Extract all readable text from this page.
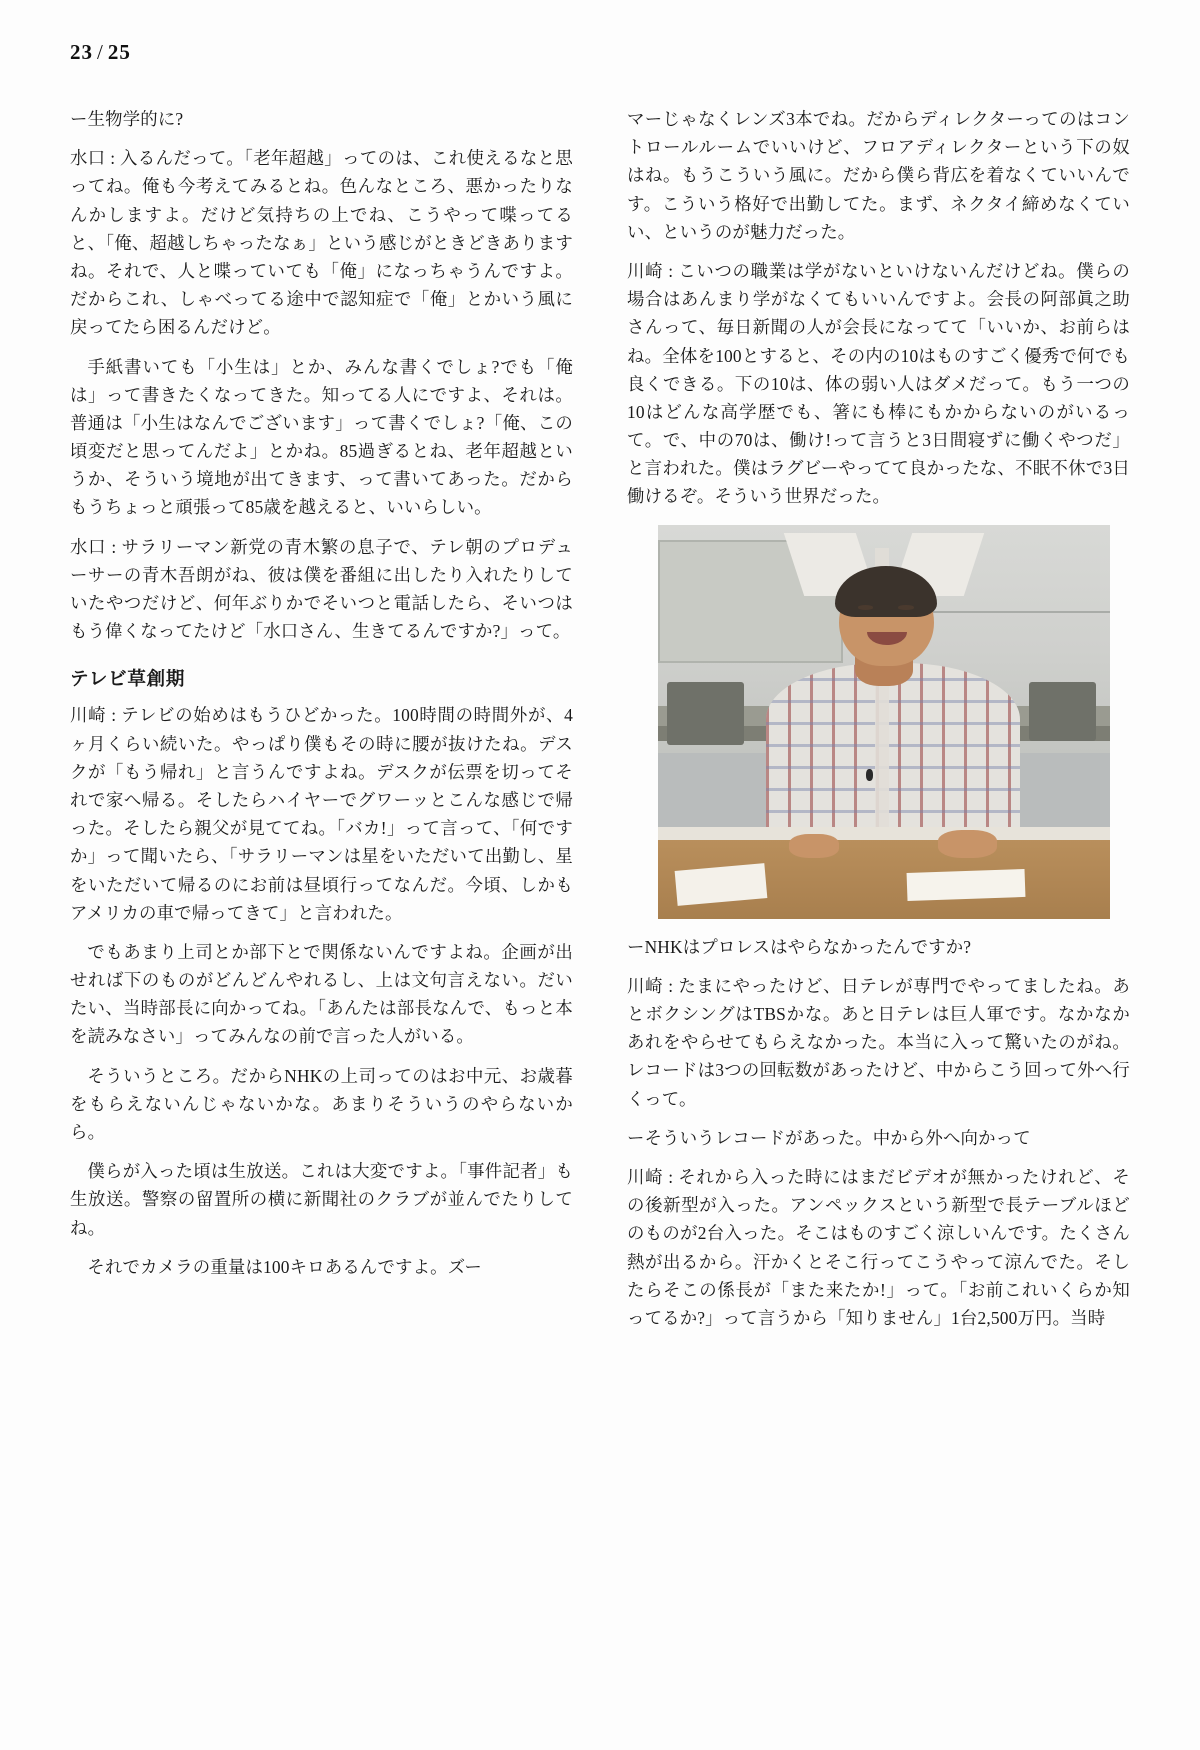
23 / 25

ー生物学的に?

水口 : 入るんだって。「老年超越」ってのは、これ使えるなと思ってね。俺も今考えてみるとね。色んなところ、悪かったりなんかしますよ。だけど気持ちの上でね、こうやって喋ってると、「俺、超越しちゃったなぁ」という感じがときどきありますね。それで、人と喋っていても「俺」になっちゃうんですよ。だからこれ、しゃべってる途中で認知症で「俺」とかいう風に戻ってたら困るんだけど。

手紙書いても「小生は」とか、みんな書くでしょ?でも「俺は」って書きたくなってきた。知ってる人にですよ、それは。普通は「小生はなんでございます」って書くでしょ?「俺、この頃変だと思ってんだよ」とかね。85過ぎるとね、老年超越というか、そういう境地が出てきます、って書いてあった。だからもうちょっと頑張って85歳を越えると、いいらしい。

水口 : サラリーマン新党の青木繁の息子で、テレ朝のプロデューサーの青木吾朗がね、彼は僕を番組に出したり入れたりしていたやつだけど、何年ぶりかでそいつと電話したら、そいつはもう偉くなってたけど「水口さん、生きてるんですか?」って。

テレビ草創期

川崎 : テレビの始めはもうひどかった。100時間の時間外が、4ヶ月くらい続いた。やっぱり僕もその時に腰が抜けたね。デスクが「もう帰れ」と言うんですよね。デスクが伝票を切ってそれで家へ帰る。そしたらハイヤーでグワーッとこんな感じで帰った。そしたら親父が見ててね。「バカ!」って言って、「何ですか」って聞いたら、「サラリーマンは星をいただいて出勤し、星をいただいて帰るのにお前は昼頃行ってなんだ。今頃、しかもアメリカの車で帰ってきて」と言われた。

でもあまり上司とか部下とで関係ないんですよね。企画が出せれば下のものがどんどんやれるし、上は文句言えない。だいたい、当時部長に向かってね。「あんたは部長なんで、もっと本を読みなさい」ってみんなの前で言った人がいる。

そういうところ。だからNHKの上司ってのはお中元、お歳暮をもらえないんじゃないかな。あまりそういうのやらないから。

僕らが入った頃は生放送。これは大変ですよ。「事件記者」も生放送。警察の留置所の横に新聞社のクラブが並んでたりしてね。

それでカメラの重量は100キロあるんですよ。ズー

マーじゃなくレンズ3本でね。だからディレクターってのはコントロールルームでいいけど、フロアディレクターという下の奴はね。もうこういう風に。だから僕ら背広を着なくていいんです。こういう格好で出勤してた。まず、ネクタイ締めなくていい、というのが魅力だった。

川崎 : こいつの職業は学がないといけないんだけどね。僕らの場合はあんまり学がなくてもいいんですよ。会長の阿部眞之助さんって、毎日新聞の人が会長になってて「いいか、お前らはね。全体を100とすると、その内の10はものすごく優秀で何でも良くできる。下の10は、体の弱い人はダメだって。もう一つの10はどんな高学歴でも、箸にも棒にもかからないのがいるって。で、中の70は、働け!って言うと3日間寝ずに働くやつだ」と言われた。僕はラグビーやってて良かったな、不眠不休で3日働けるぞ。そういう世界だった。

ーNHKはプロレスはやらなかったんですか?

川崎 : たまにやったけど、日テレが専門でやってましたね。あとボクシングはTBSかな。あと日テレは巨人軍です。なかなかあれをやらせてもらえなかった。本当に入って驚いたのがね。レコードは3つの回転数があったけど、中からこう回って外へ行くって。

ーそういうレコードがあった。中から外へ向かって

川崎 : それから入った時にはまだビデオが無かったけれど、その後新型が入った。アンペックスという新型で長テーブルほどのものが2台入った。そこはものすごく涼しいんです。たくさん熱が出るから。汗かくとそこ行ってこうやって涼んでた。そしたらそこの係長が「また来たか!」って。「お前これいくらか知ってるか?」って言うから「知りません」1台2,500万円。当時
